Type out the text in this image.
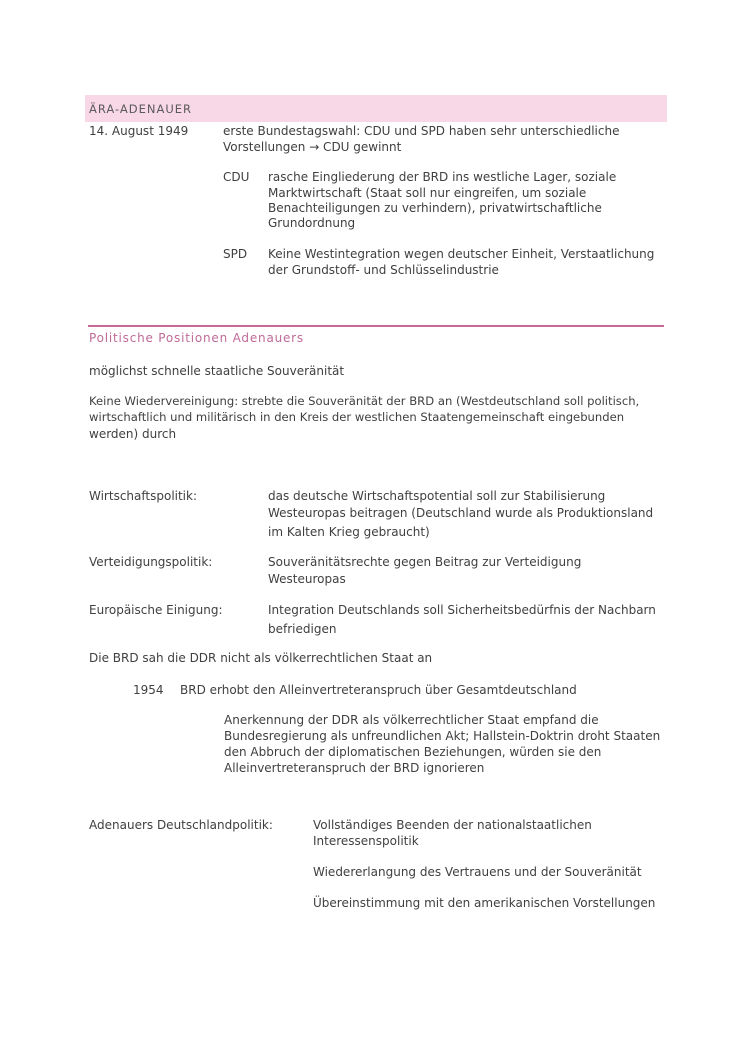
ÄRA-ADENAUER
14. August 1949	erste Bundestagswahl: CDU und SPD haben sehr unterschiedliche
Vorstellungen → CDU gewinnt
CDU rasche Eingliederung der BRD ins westliche Lager, soziale
Marktwirtschaft (Staat soll nur eingreifen, um soziale
Benachteiligungen zu verhindern), privatwirtschaftliche
Grundordnung
SPD Keine Westintegration wegen deutscher Einheit, Verstaatlichung
der Grundstoff- und Schlüsselindustrie
Politische Positionen Adenauers
möglichst schnelle staatliche Souveränität
Keine Wiedervereinigung: strebte die Souveränität der BRD an (Westdeutschland soll politisch,
wirtschaftlich und militärisch in den Kreis der westlichen Staatengemeinschaft eingebunden
werden) durch
Wirtschaftspolitik:	das deutsche Wirtschaftspotential soll zur Stabilisierung
Westeuropas beitragen (Deutschland wurde als Produktionsland
im Kalten Krieg gebraucht)
Verteidigungspolitik:	Souveränitätsrechte gegen Beitrag zur Verteidigung
Westeuropas
Europäische Einigung:	Integration Deutschlands soll Sicherheitsbedürfnis der Nachbarn
befriedigen
Die BRD sah die DDR nicht als völkerrechtlichen Staat an
1954 BRD erhobt den Alleinvertreteranspruch über Gesamtdeutschland
Anerkennung der DDR als völkerrechtlicher Staat empfand die
Bundesregierung als unfreundlichen Akt; Hallstein-Doktrin droht Staaten
den Abbruch der diplomatischen Beziehungen, würden sie den
Alleinvertreteranspruch der BRD ignorieren
Adenauers Deutschlandpolitik:	Vollständiges Beenden der nationalstaatlichen
Interessenspolitik
Wiedererlangung des Vertrauens und der Souveränität
Übereinstimmung mit den amerikanischen Vorstellungen
